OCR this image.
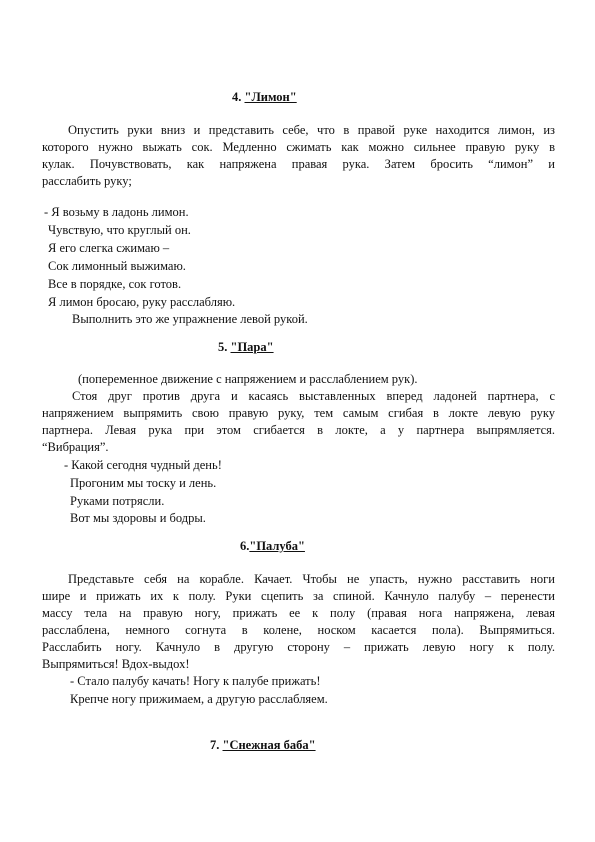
4. "Лимон"
Опустить руки вниз и представить себе, что в правой руке находится лимон, из
которого нужно выжать сок. Медленно сжимать как можно сильнее правую руку в
кулак. Почувствовать, как напряжена правая рука. Затем бросить “лимон” и
расслабить руку;
- Я возьму в ладонь лимон.
Чувствую, что круглый он.
Я его слегка сжимаю –
Сок лимонный выжимаю.
Все в порядке, сок готов.
Я лимон бросаю, руку расслабляю.
Выполнить это же упражнение левой рукой.
5. "Пара"
(попеременное движение с напряжением и расслаблением рук).
Стоя друг против друга и касаясь выставленных вперед ладоней партнера, с
напряжением выпрямить свою правую руку, тем самым сгибая в локте левую руку
партнера. Левая рука при этом сгибается в локте, а у партнера выпрямляется.
“Вибрация”.
- Какой сегодня чудный день!
Прогоним мы тоску и лень.
Руками потрясли.
Вот мы здоровы и бодры.
6."Палуба"
Представьте себя на корабле. Качает. Чтобы не упасть, нужно расставить ноги
шире и прижать их к полу. Руки сцепить за спиной. Качнуло палубу – перенести
массу тела на правую ногу, прижать ее к полу (правая нога напряжена, левая
расслаблена, немного согнута в колене, носком касается пола). Выпрямиться.
Расслабить ногу. Качнуло в другую сторону – прижать левую ногу к полу.
Выпрямиться! Вдох-выдох!
- Стало палубу качать! Ногу к палубе прижать!
Крепче ногу прижимаем, а другую расслабляем.
7. "Снежная баба"
